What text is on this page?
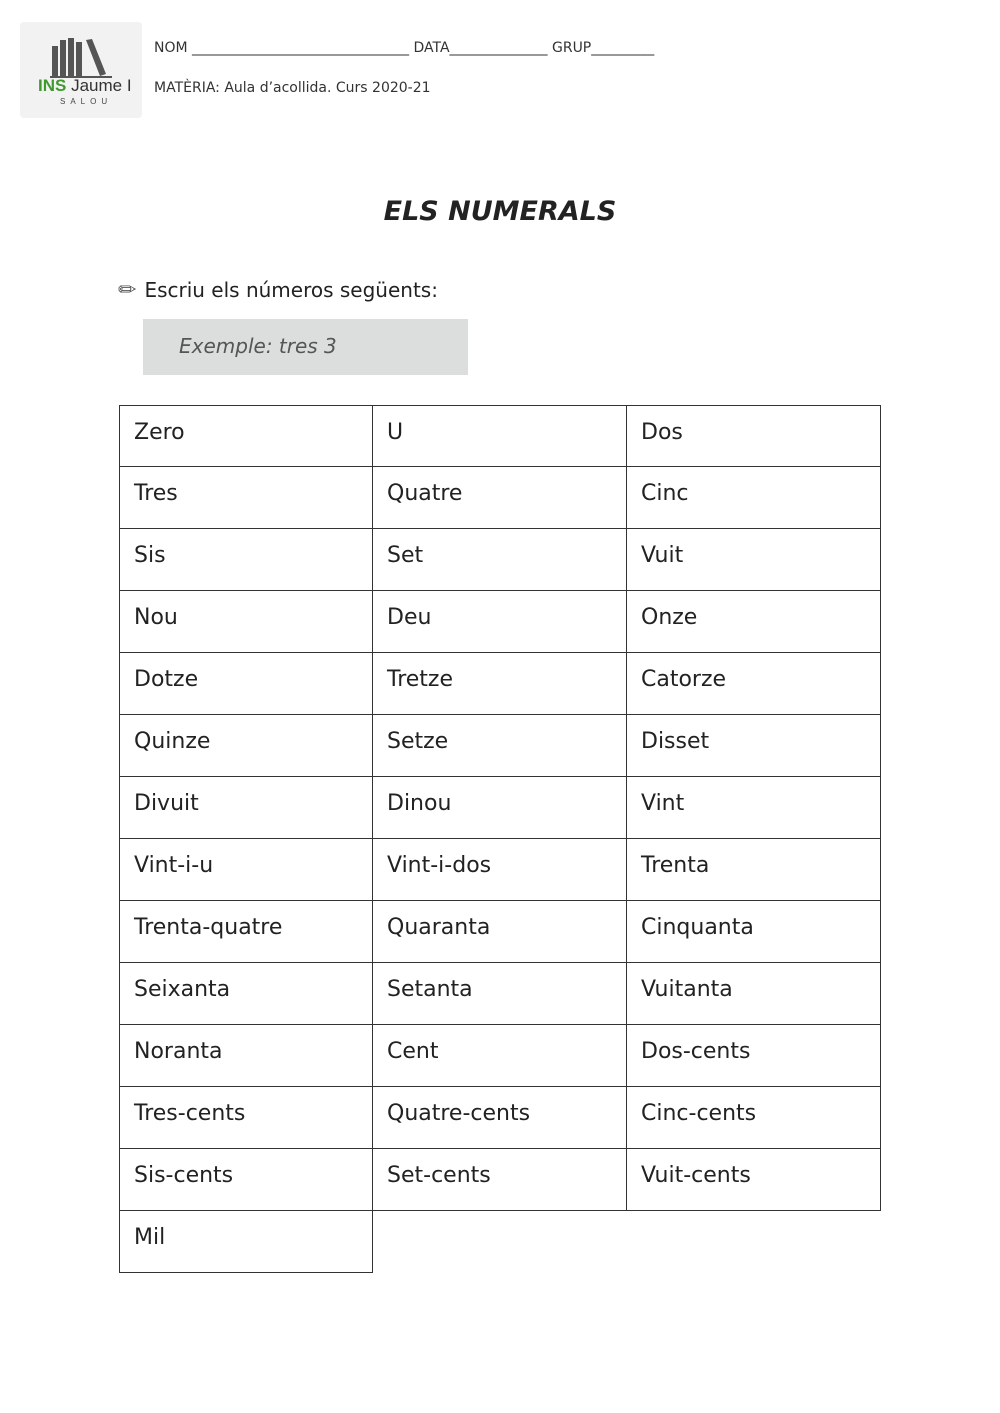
INS Jaume I
SALOU
NOM _______________________________ DATA______________ GRUP_________
MATÈRIA: Aula d’acollida. Curs 2020-21
ELS NUMERALS
✏ Escriu els números següents:
Exemple: tres 3
Zero	U	Dos
Tres	Quatre	Cinc
Sis	Set	Vuit
Nou	Deu	Onze
Dotze	Tretze	Catorze
Quinze	Setze	Disset
Divuit	Dinou	Vint
Vint-i-u	Vint-i-dos	Trenta
Trenta-quatre	Quaranta	Cinquanta
Seixanta	Setanta	Vuitanta
Noranta	Cent	Dos-cents
Tres-cents	Quatre-cents	Cinc-cents
Sis-cents	Set-cents	Vuit-cents
Mil
